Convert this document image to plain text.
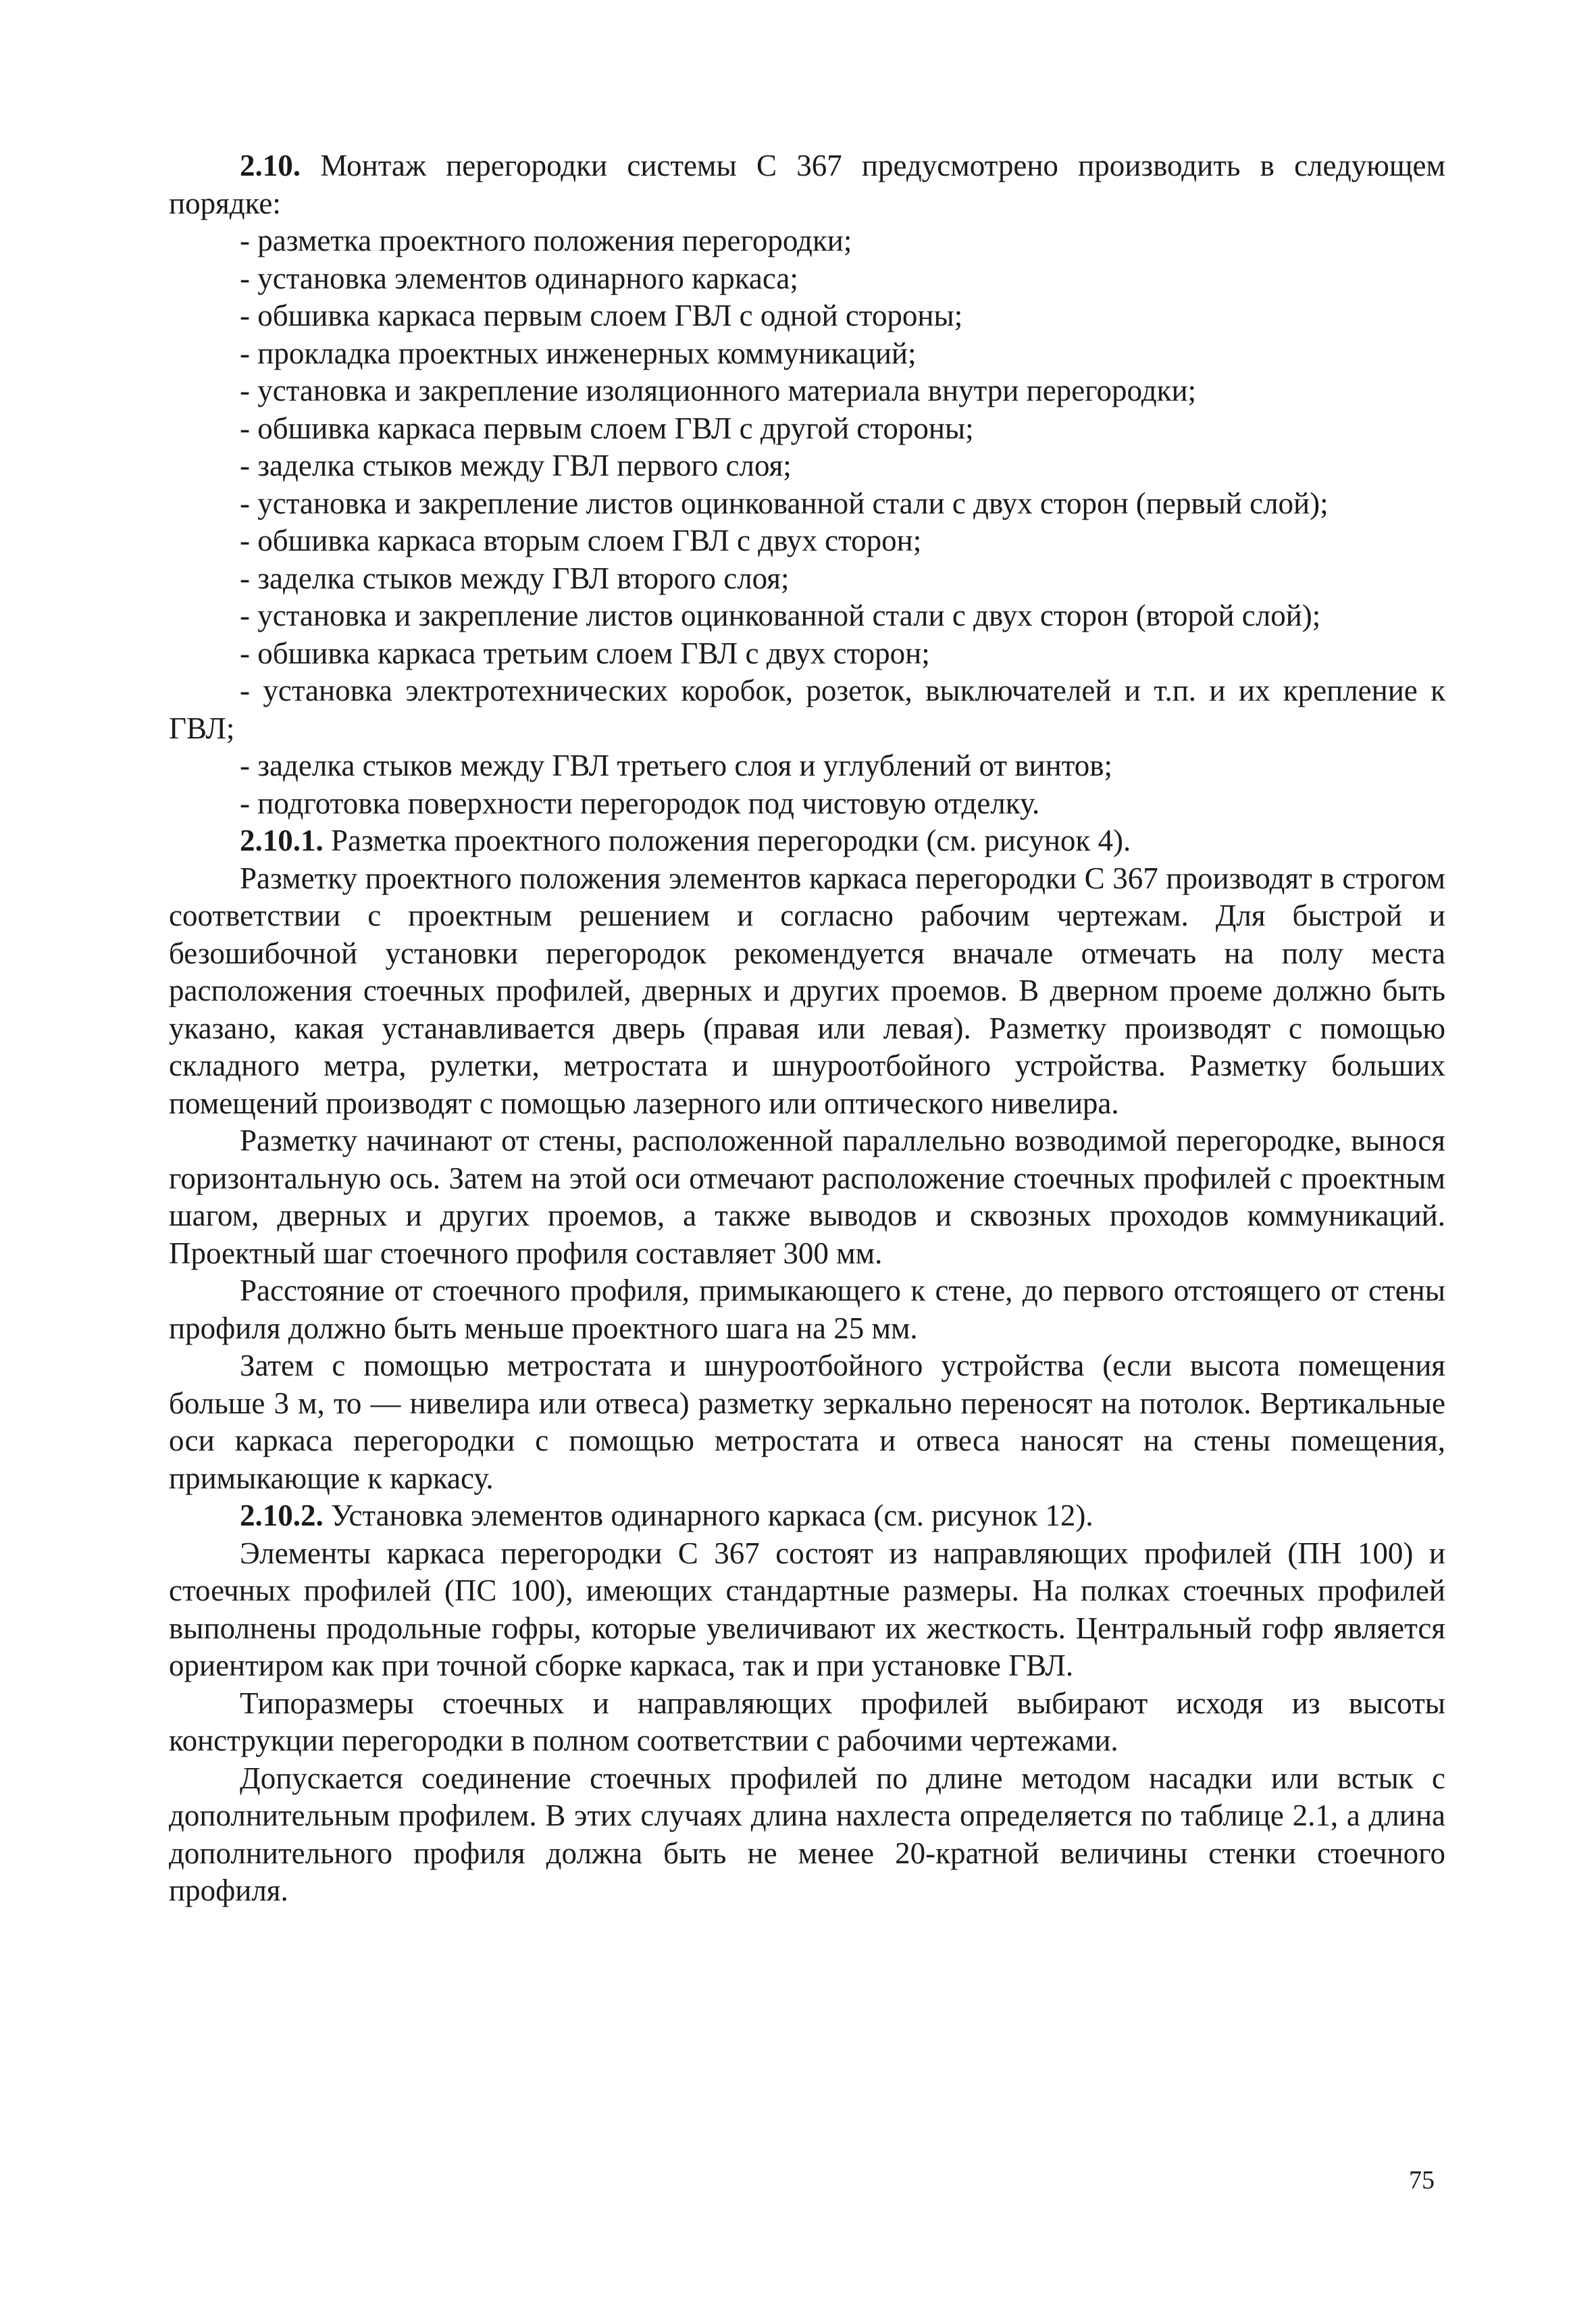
2.10. Монтаж перегородки системы С 367 предусмотрено производить в следующем порядке:

- разметка проектного положения перегородки;

- установка элементов одинарного каркаса;

- обшивка каркаса первым слоем ГВЛ с одной стороны;

- прокладка проектных инженерных коммуникаций;

- установка и закрепление изоляционного материала внутри перегородки;

- обшивка каркаса первым слоем ГВЛ с другой стороны;

- заделка стыков между ГВЛ первого слоя;

- установка и закрепление листов оцинкованной стали с двух сторон (первый слой);

- обшивка каркаса вторым слоем ГВЛ с двух сторон;

- заделка стыков между ГВЛ второго слоя;

- установка и закрепление листов оцинкованной стали с двух сторон (второй слой);

- обшивка каркаса третьим слоем ГВЛ с двух сторон;

- установка электротехнических коробок, розеток, выключателей и т.п. и их крепление к ГВЛ;

- заделка стыков между ГВЛ третьего слоя и углублений от винтов;

- подготовка поверхности перегородок под чистовую отделку.

2.10.1. Разметка проектного положения перегородки (см. рисунок 4).

Разметку проектного положения элементов каркаса перегородки С 367 производят в строгом соответствии с проектным решением и согласно рабочим чертежам. Для быстрой и безошибочной установки перегородок рекомендуется вначале отмечать на полу места расположения стоечных профилей, дверных и других проемов. В дверном проеме должно быть указано, какая устанавливается дверь (правая или левая). Разметку производят с помощью складного метра, рулетки, метростата и шнуроотбойного устройства. Разметку больших помещений производят с помощью лазерного или оптического нивелира.

Разметку начинают от стены, расположенной параллельно возводимой перегородке, вынося горизонтальную ось. Затем на этой оси отмечают расположение стоечных профилей с проектным шагом, дверных и других проемов, а также выводов и сквозных проходов коммуникаций. Проектный шаг стоечного профиля составляет 300 мм.

Расстояние от стоечного профиля, примыкающего к стене, до первого отстоящего от стены профиля должно быть меньше проектного шага на 25 мм.

Затем с помощью метростата и шнуроотбойного устройства (если высота помещения больше 3 м, то — нивелира или отвеса) разметку зеркально переносят на потолок. Вертикальные оси каркаса перегородки с помощью метростата и отвеса наносят на стены помещения, примыкающие к каркасу.

2.10.2. Установка элементов одинарного каркаса (см. рисунок 12).

Элементы каркаса перегородки С 367 состоят из направляющих профилей (ПН 100) и стоечных профилей (ПС 100), имеющих стандартные размеры. На полках стоечных профилей выполнены продольные гофры, которые увеличивают их жесткость. Центральный гофр является ориентиром как при точной сборке каркаса, так и при установке ГВЛ.

Типоразмеры стоечных и направляющих профилей выбирают исходя из высоты конструкции перегородки в полном соответствии с рабочими чертежами.

Допускается соединение стоечных профилей по длине методом насадки или встык с дополнительным профилем. В этих случаях длина нахлеста определяется по таблице 2.1, а длина дополнительного профиля должна быть не менее 20-кратной величины стенки стоечного профиля.

75
